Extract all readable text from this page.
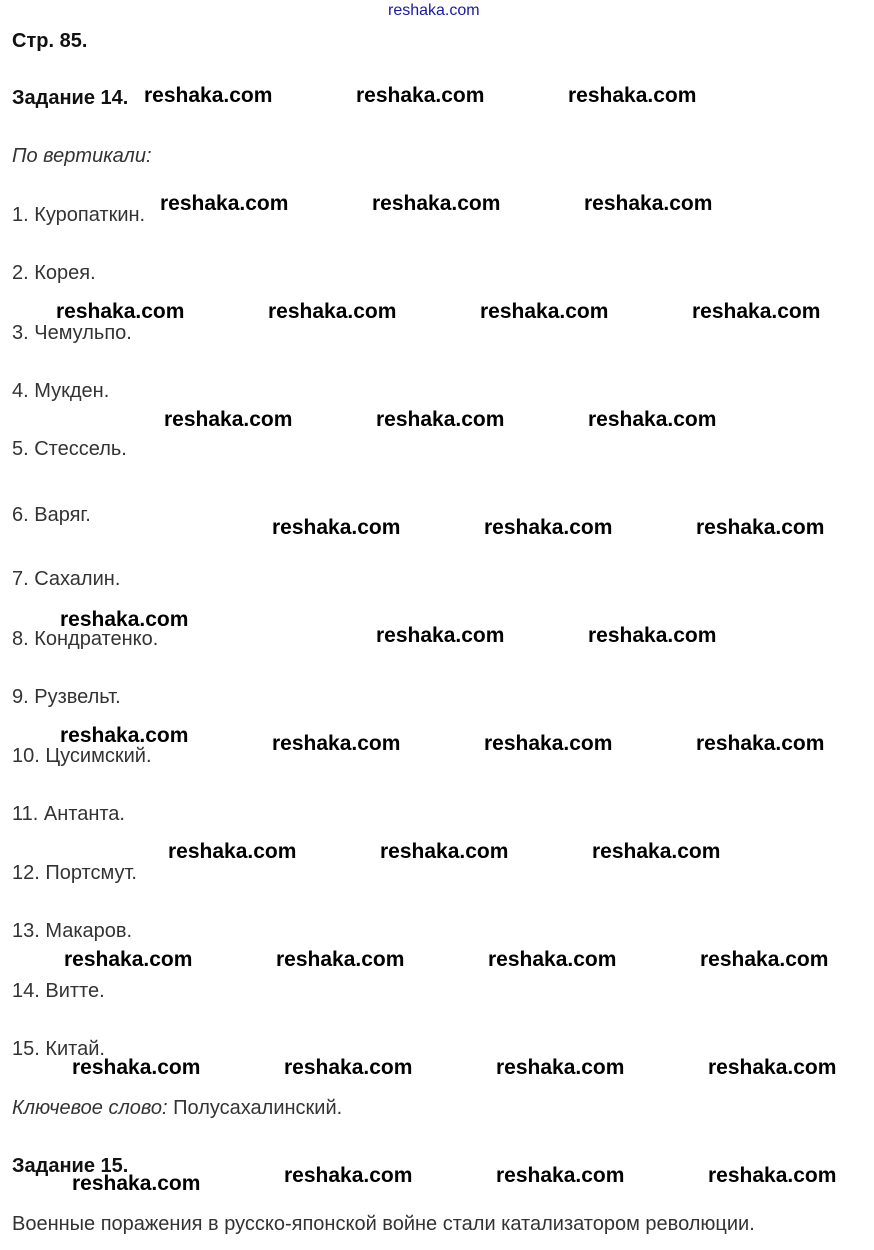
reshaka.com
Стр. 85.
Задание 14.
По вертикали:
1. Куропаткин.
2. Корея.
3. Чемульпо.
4. Мукден.
5. Стессель.
6. Варяг.
7. Сахалин.
8. Кондратенко.
9. Рузвельт.
10. Цусимский.
11. Антанта.
12. Портсмут.
13. Макаров.
14. Витте.
15. Китай.
Ключевое слово: Полусахалинский.
Задание 15.
Военные поражения в русско-японской войне стали катализатором революции.
reshaka.com	reshaka.com	reshaka.com
reshaka.com	reshaka.com	reshaka.com
reshaka.com	reshaka.com	reshaka.com	reshaka.com
reshaka.com	reshaka.com	reshaka.com
reshaka.com	reshaka.com	reshaka.com
reshaka.com
reshaka.com	reshaka.com
reshaka.com	reshaka.com	reshaka.com	reshaka.com
reshaka.com	reshaka.com	reshaka.com
reshaka.com	reshaka.com	reshaka.com	reshaka.com
reshaka.com	reshaka.com	reshaka.com	reshaka.com
reshaka.com	reshaka.com	reshaka.com	reshaka.com
